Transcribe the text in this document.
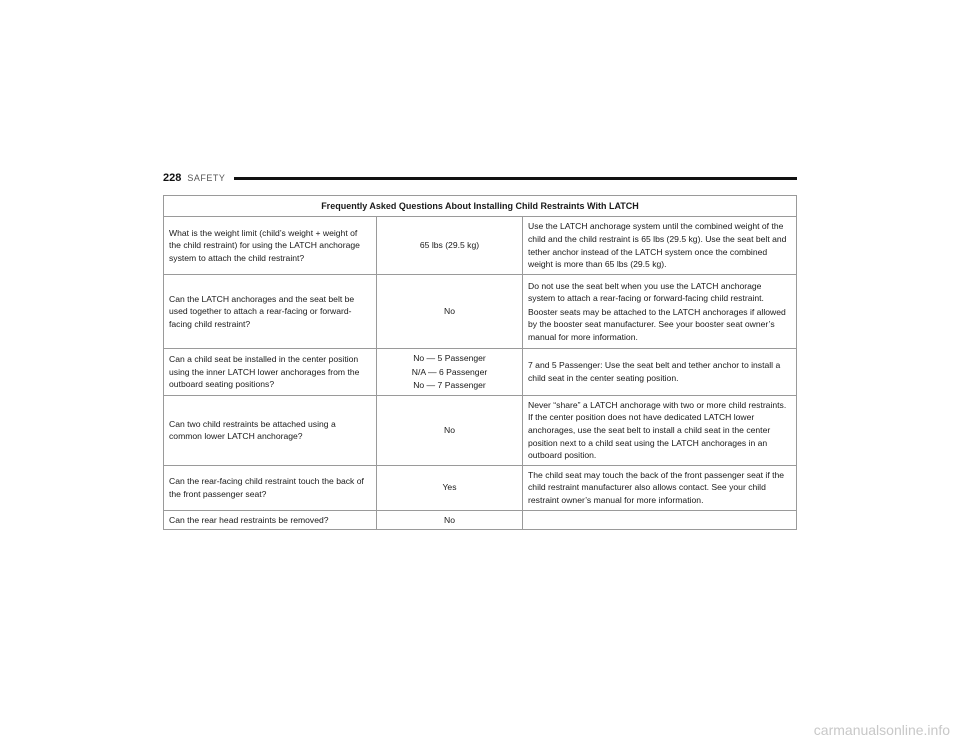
228 SAFETY
Frequently Asked Questions About Installing Child Restraints With LATCH		
What is the weight limit (child’s weight + weight of the child restraint) for using the LATCH anchorage system to attach the child restraint?	65 lbs (29.5 kg)	Use the LATCH anchorage system until the combined weight of the child and the child restraint is 65 lbs (29.5 kg). Use the seat belt and tether anchor instead of the LATCH system once the combined weight is more than 65 lbs (29.5 kg).

Can the LATCH anchorages and the seat belt be used together to attach a rear-facing or forward-facing child restraint?	No	Do not use the seat belt when you use the LATCH anchorage system to attach a rear-facing or forward-facing child restraint.
Booster seats may be attached to the LATCH anchorages if allowed by the booster seat manufacturer. See your booster seat owner’s manual for more information.

Can a child seat be installed in the center position using the inner LATCH lower anchorages from the outboard seating positions?	No — 5 Passenger
N/A — 6 Passenger
No — 7 Passenger	7 and 5 Passenger: Use the seat belt and tether anchor to install a child seat in the center seating position.

Can two child restraints be attached using a common lower LATCH anchorage?	No	Never “share” a LATCH anchorage with two or more child restraints. If the center position does not have dedicated LATCH lower anchorages, use the seat belt to install a child seat in the center position next to a child seat using the LATCH anchorages in an outboard position.

Can the rear-facing child restraint touch the back of the front passenger seat?	Yes	The child seat may touch the back of the front passenger seat if the child restraint manufacturer also allows contact. See your child restraint owner’s manual for more information.

Can the rear head restraints be removed?	No	

carmanualsonline.info
